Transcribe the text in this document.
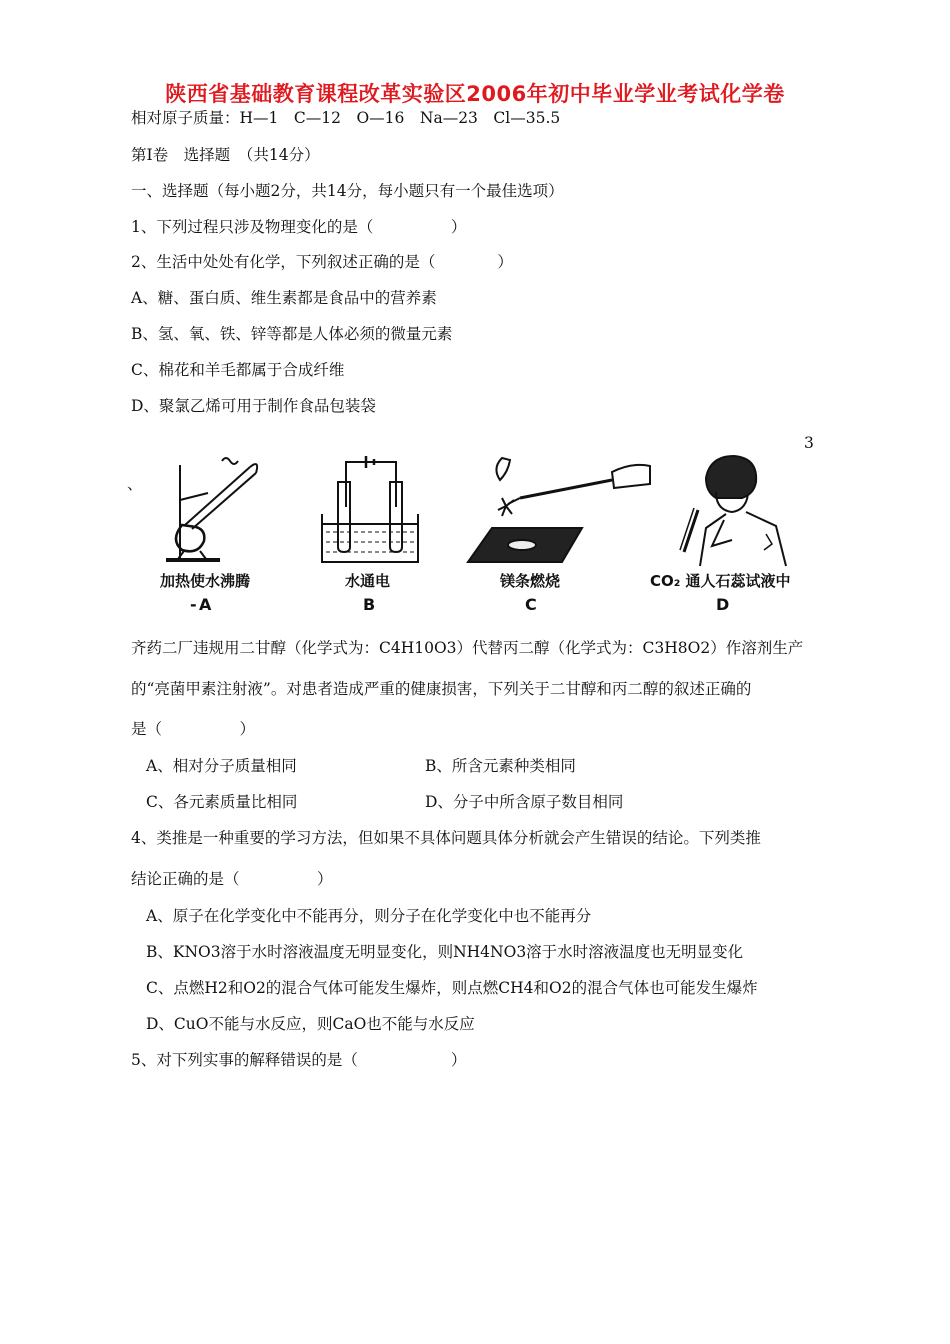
陕西省基础教育课程改革实验区2006年初中毕业学业考试化学卷
相对原子质量：H—1　C—12　O—16　Na—23　Cl—35.5
第Ⅰ卷　选择题　（共14分）
一、选择题（每小题2分，共14分，每小题只有一个最佳选项）
1、下列过程只涉及物理变化的是（　　　　　）
2、生活中处处有化学，下列叙述正确的是（　　　　）
A、糖、蛋白质、维生素都是食品中的营养素
B、氢、氧、铁、锌等都是人体必须的微量元素
C、棉花和羊毛都属于合成纤维
D、聚氯乙烯可用于制作食品包装袋
3
、
加热使水沸腾
- A
水通电
B
镁条燃烧
C
CO₂ 通人石蕊试液中
D
齐药二厂违规用二甘醇（化学式为：C4H10O3）代替丙二醇（化学式为：C3H8O2）作溶剂生产
的“亮菌甲素注射液”。对患者造成严重的健康损害，下列关于二甘醇和丙二醇的叙述正确的
是（　　　　　）
A、相对分子质量相同	B、所含元素种类相同
C、各元素质量比相同	D、分子中所含原子数目相同
4、类推是一种重要的学习方法，但如果不具体问题具体分析就会产生错误的结论。下列类推
结论正确的是（　　　　　）
A、原子在化学变化中不能再分，则分子在化学变化中也不能再分
B、KNO3溶于水时溶液温度无明显变化，则NH4NO3溶于水时溶液温度也无明显变化
C、点燃H2和O2的混合气体可能发生爆炸，则点燃CH4和O2的混合气体也可能发生爆炸
D、CuO不能与水反应，则CaO也不能与水反应
5、对下列实事的解释错误的是（　　　　　　）
